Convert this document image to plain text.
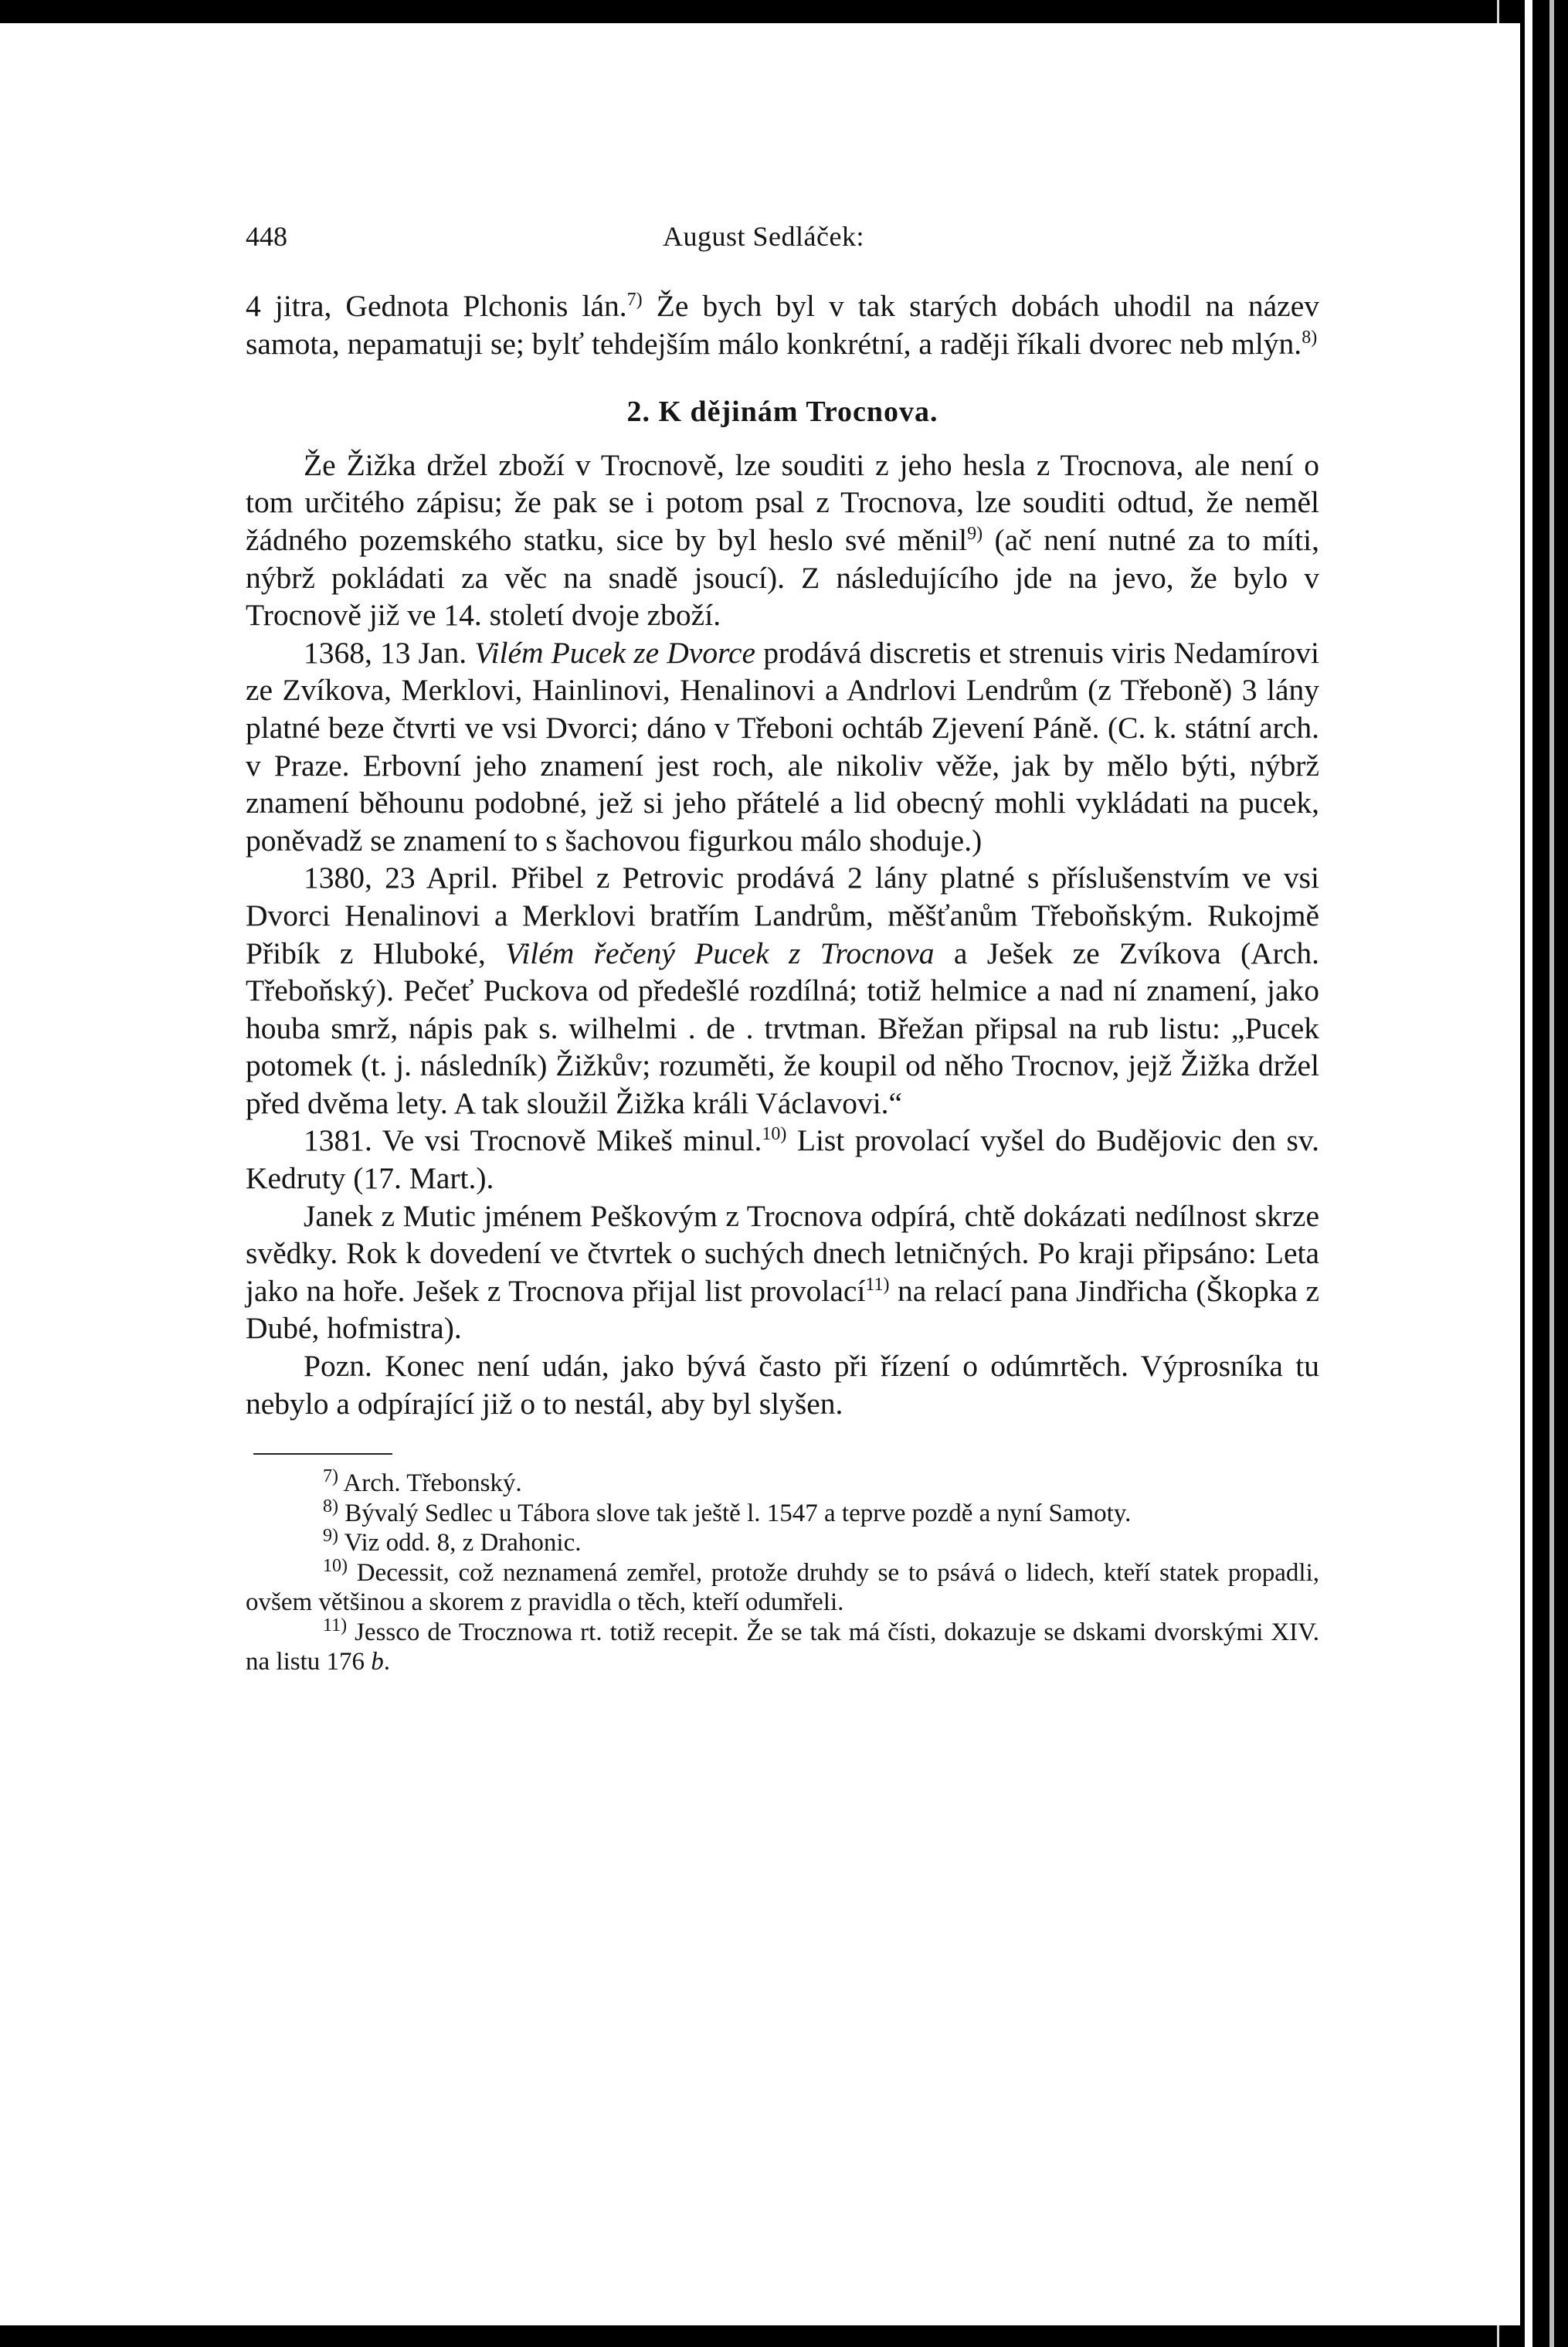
448	August Sedláček:

4 jitra, Gednota Plchonis lán.$^{7)}$ Že bych byl v tak starých dobách uhodil na název samota, nepamatuji se; bylť tehdejším málo konkrétní, a raději říkali dvorec neb mlýn.$^{8)}$

2. K dějinám Trocnova.

Že Žižka držel zboží v Trocnově, lze souditi z jeho hesla z Trocnova, ale není o tom určitého zápisu; že pak se i potom psal z Trocnova, lze souditi odtud, že neměl žádného pozemského statku, sice by byl heslo své měnil$^{9)}$ (ač není nutné za to míti, nýbrž pokládati za věc na snadě jsoucí). Z následujícího jde na jevo, že bylo v Trocnově již ve 14. století dvoje zboží.

1368, 13 Jan. Vilém Pucek ze Dvorce prodává discretis et strenuis viris Nedamírovi ze Zvíkova, Merklovi, Hainlinovi, Henalinovi a Andrlovi Lendrům (z Třeboně) 3 lány platné beze čtvrti ve vsi Dvorci; dáno v Třeboni ochtáb Zjevení Páně. (C. k. státní arch. v Praze. Erbovní jeho znamení jest roch, ale nikoliv věže, jak by mělo býti, nýbrž znamení běhounu podobné, jež si jeho přátelé a lid obecný mohli vykládati na pucek, poněvadž se znamení to s šachovou figurkou málo shoduje.)

1380, 23 April. Přibel z Petrovic prodává 2 lány platné s příslušenstvím ve vsi Dvorci Henalinovi a Merklovi bratřím Landrům, měšťanům Třeboňským. Rukojmě Přibík z Hluboké, Vilém řečený Pucek z Trocnova a Ješek ze Zvíkova (Arch. Třeboňský). Pečeť Puckova od předešlé rozdílná; totiž helmice a nad ní znamení, jako houba smrž, nápis pak s. wilhelmi . de . trvtman. Břežan připsal na rub listu: „Pucek potomek (t. j. následník) Žižkův; rozuměti, že koupil od něho Trocnov, jejž Žižka držel před dvěma lety. A tak sloužil Žižka králi Václavovi.“

1381. Ve vsi Trocnově Mikeš minul.$^{10)}$ List provolací vyšel do Budějovic den sv. Kedruty (17. Mart.).

Janek z Mutic jménem Peškovým z Trocnova odpírá, chtě dokázati nedílnost skrze svědky. Rok k dovedení ve čtvrtek o suchých dnech letničných. Po kraji připsáno: Leta jako na hoře. Ješek z Trocnova přijal list provolací$^{11)}$ na relací pana Jindřicha (Škopka z Dubé, hofmistra).

Pozn. Konec není udán, jako bývá často při řízení o odúmrtěch. Výprosníka tu nebylo a odpírající již o to nestál, aby byl slyšen.

$^{7)}$ Arch. Třebonský.

$^{8)}$ Bývalý Sedlec u Tábora slove tak ještě l. 1547 a teprve pozdě a nyní Samoty.

$^{9)}$ Viz odd. 8, z Drahonic.

$^{10)}$ Decessit, což neznamená zemřel, protože druhdy se to psává o lidech, kteří statek propadli, ovšem většinou a skorem z pravidla o těch, kteří odumřeli.

$^{11)}$ Jessco de Trocznowa rt. totiž recepit. Že se tak má čísti, dokazuje se dskami dvorskými XIV. na listu 176 b.
